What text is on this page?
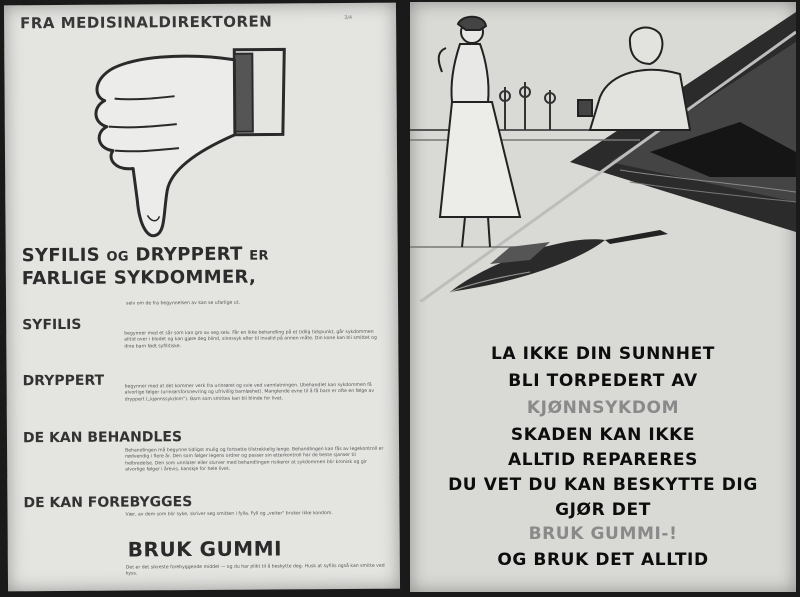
FRA MEDISINALDIREKTOREN	3/4
SYFILIS OG DRYPPERT ER
FARLIGE SYKDOMMER,
selv om de fra begynnelsen av kan se ufarlige ut.
SYFILIS	begynner med et sår som kan gro av seg selv. Får en ikke behandling på et tidlig tidspunkt, går sykdommen alltid over i blodet og kan gjøre deg blind, sinnssyk eller til invalid på annen måte. Din kone kan bli smittet og dine barn født syfilitiske.
DRYPPERT	begynner med at det kommer verk fra urinrøret og svie ved vannlatningen. Ubehandlet kan sykdommen få alvorlige følger (urinrørsforsnevring og ufrivillig barnløshet). Manglende evne til å få barn er ofte en følge av dryppert („kjønnssykdom"). Barn som smittes kan bli blinde for livet.
DE KAN BEHANDLES
Behandlingen må begynne tidligst mulig og fortsette tilstrekkelig lenge. Behandlingen kan fås av legekontroll er nødvendig i flere år. Den som følger legens ordrer og passer sin etterkontroll har de beste sjanser til helbredelse. Den som unnlater eller slurver med behandlingen risikerer at sykdommen blir kronisk og gir alvorlige følger i årevis, kanskje for hele livet.
DE KAN FOREBYGGES
Vær, av dem som blir syke, skriver seg smitten i fylla. Fyll og „veiter" bruker ikke kondom.
BRUK GUMMI
Det er det sikreste forebyggende middel — og du har plikt til å beskytte deg. Husk at syfilis også kan smitte ved kyss.
LA IKKE DIN SUNNHET
BLI TORPEDERT AV
KJØNNSYKDOM
SKADEN KAN IKKE
ALLTID REPARERES
DU VET DU KAN BESKYTTE DIG
GJØR DET
BRUK GUMMI-!
OG BRUK DET ALLTID
